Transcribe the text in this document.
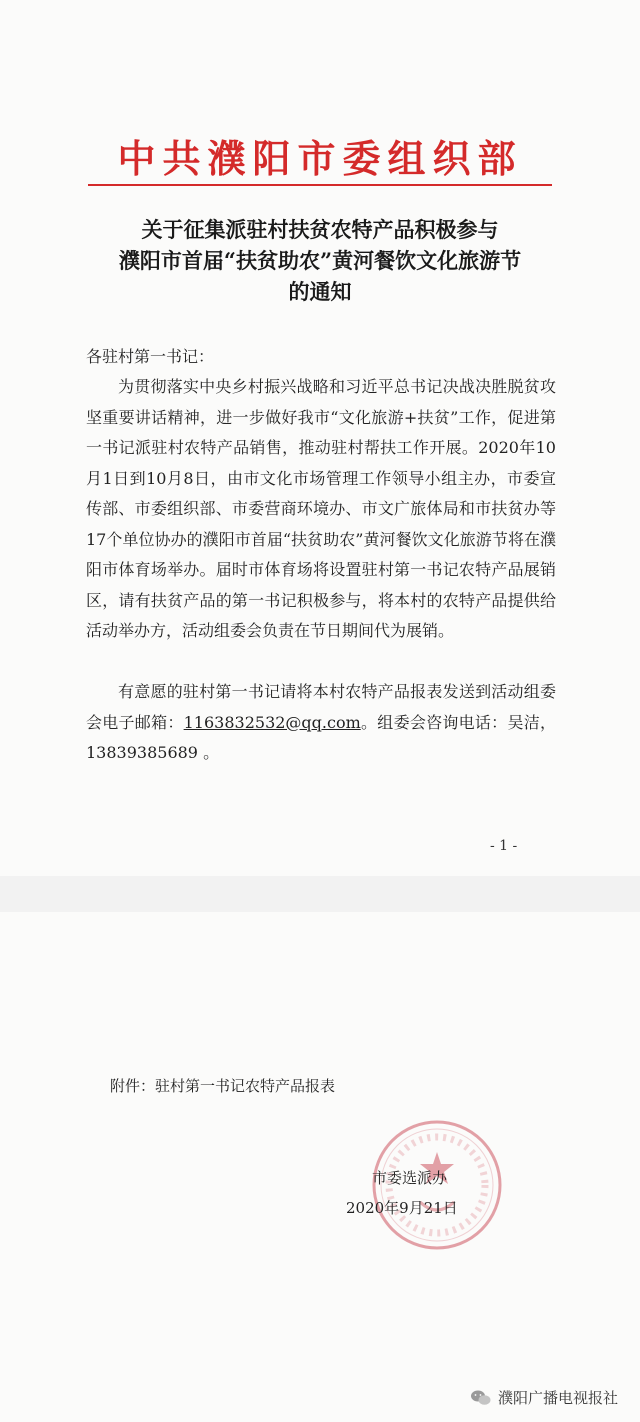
中共濮阳市委组织部
关于征集派驻村扶贫农特产品积极参与
濮阳市首届“扶贫助农”黄河餐饮文化旅游节
的通知
各驻村第一书记：
为贯彻落实中央乡村振兴战略和习近平总书记决战决胜脱贫攻坚重要讲话精神，进一步做好我市“文化旅游+扶贫”工作，促进第一书记派驻村农特产品销售，推动驻村帮扶工作开展。2020年10月1日到10月8日，由市文化市场管理工作领导小组主办，市委宣传部、市委组织部、市委营商环境办、市文广旅体局和市扶贫办等17个单位协办的濮阳市首届“扶贫助农”黄河餐饮文化旅游节将在濮阳市体育场举办。届时市体育场将设置驻村第一书记农特产品展销区，请有扶贫产品的第一书记积极参与，将本村的农特产品提供给活动举办方，活动组委会负责在节日期间代为展销。
有意愿的驻村第一书记请将本村农特产品报表发送到活动组委会电子邮箱：1163832532@qq.com。组委会咨询电话：吴洁，13839385689 。
- 1 -
附件：驻村第一书记农特产品报表
市委选派办
2020年9月21日
濮阳广播电视报社
